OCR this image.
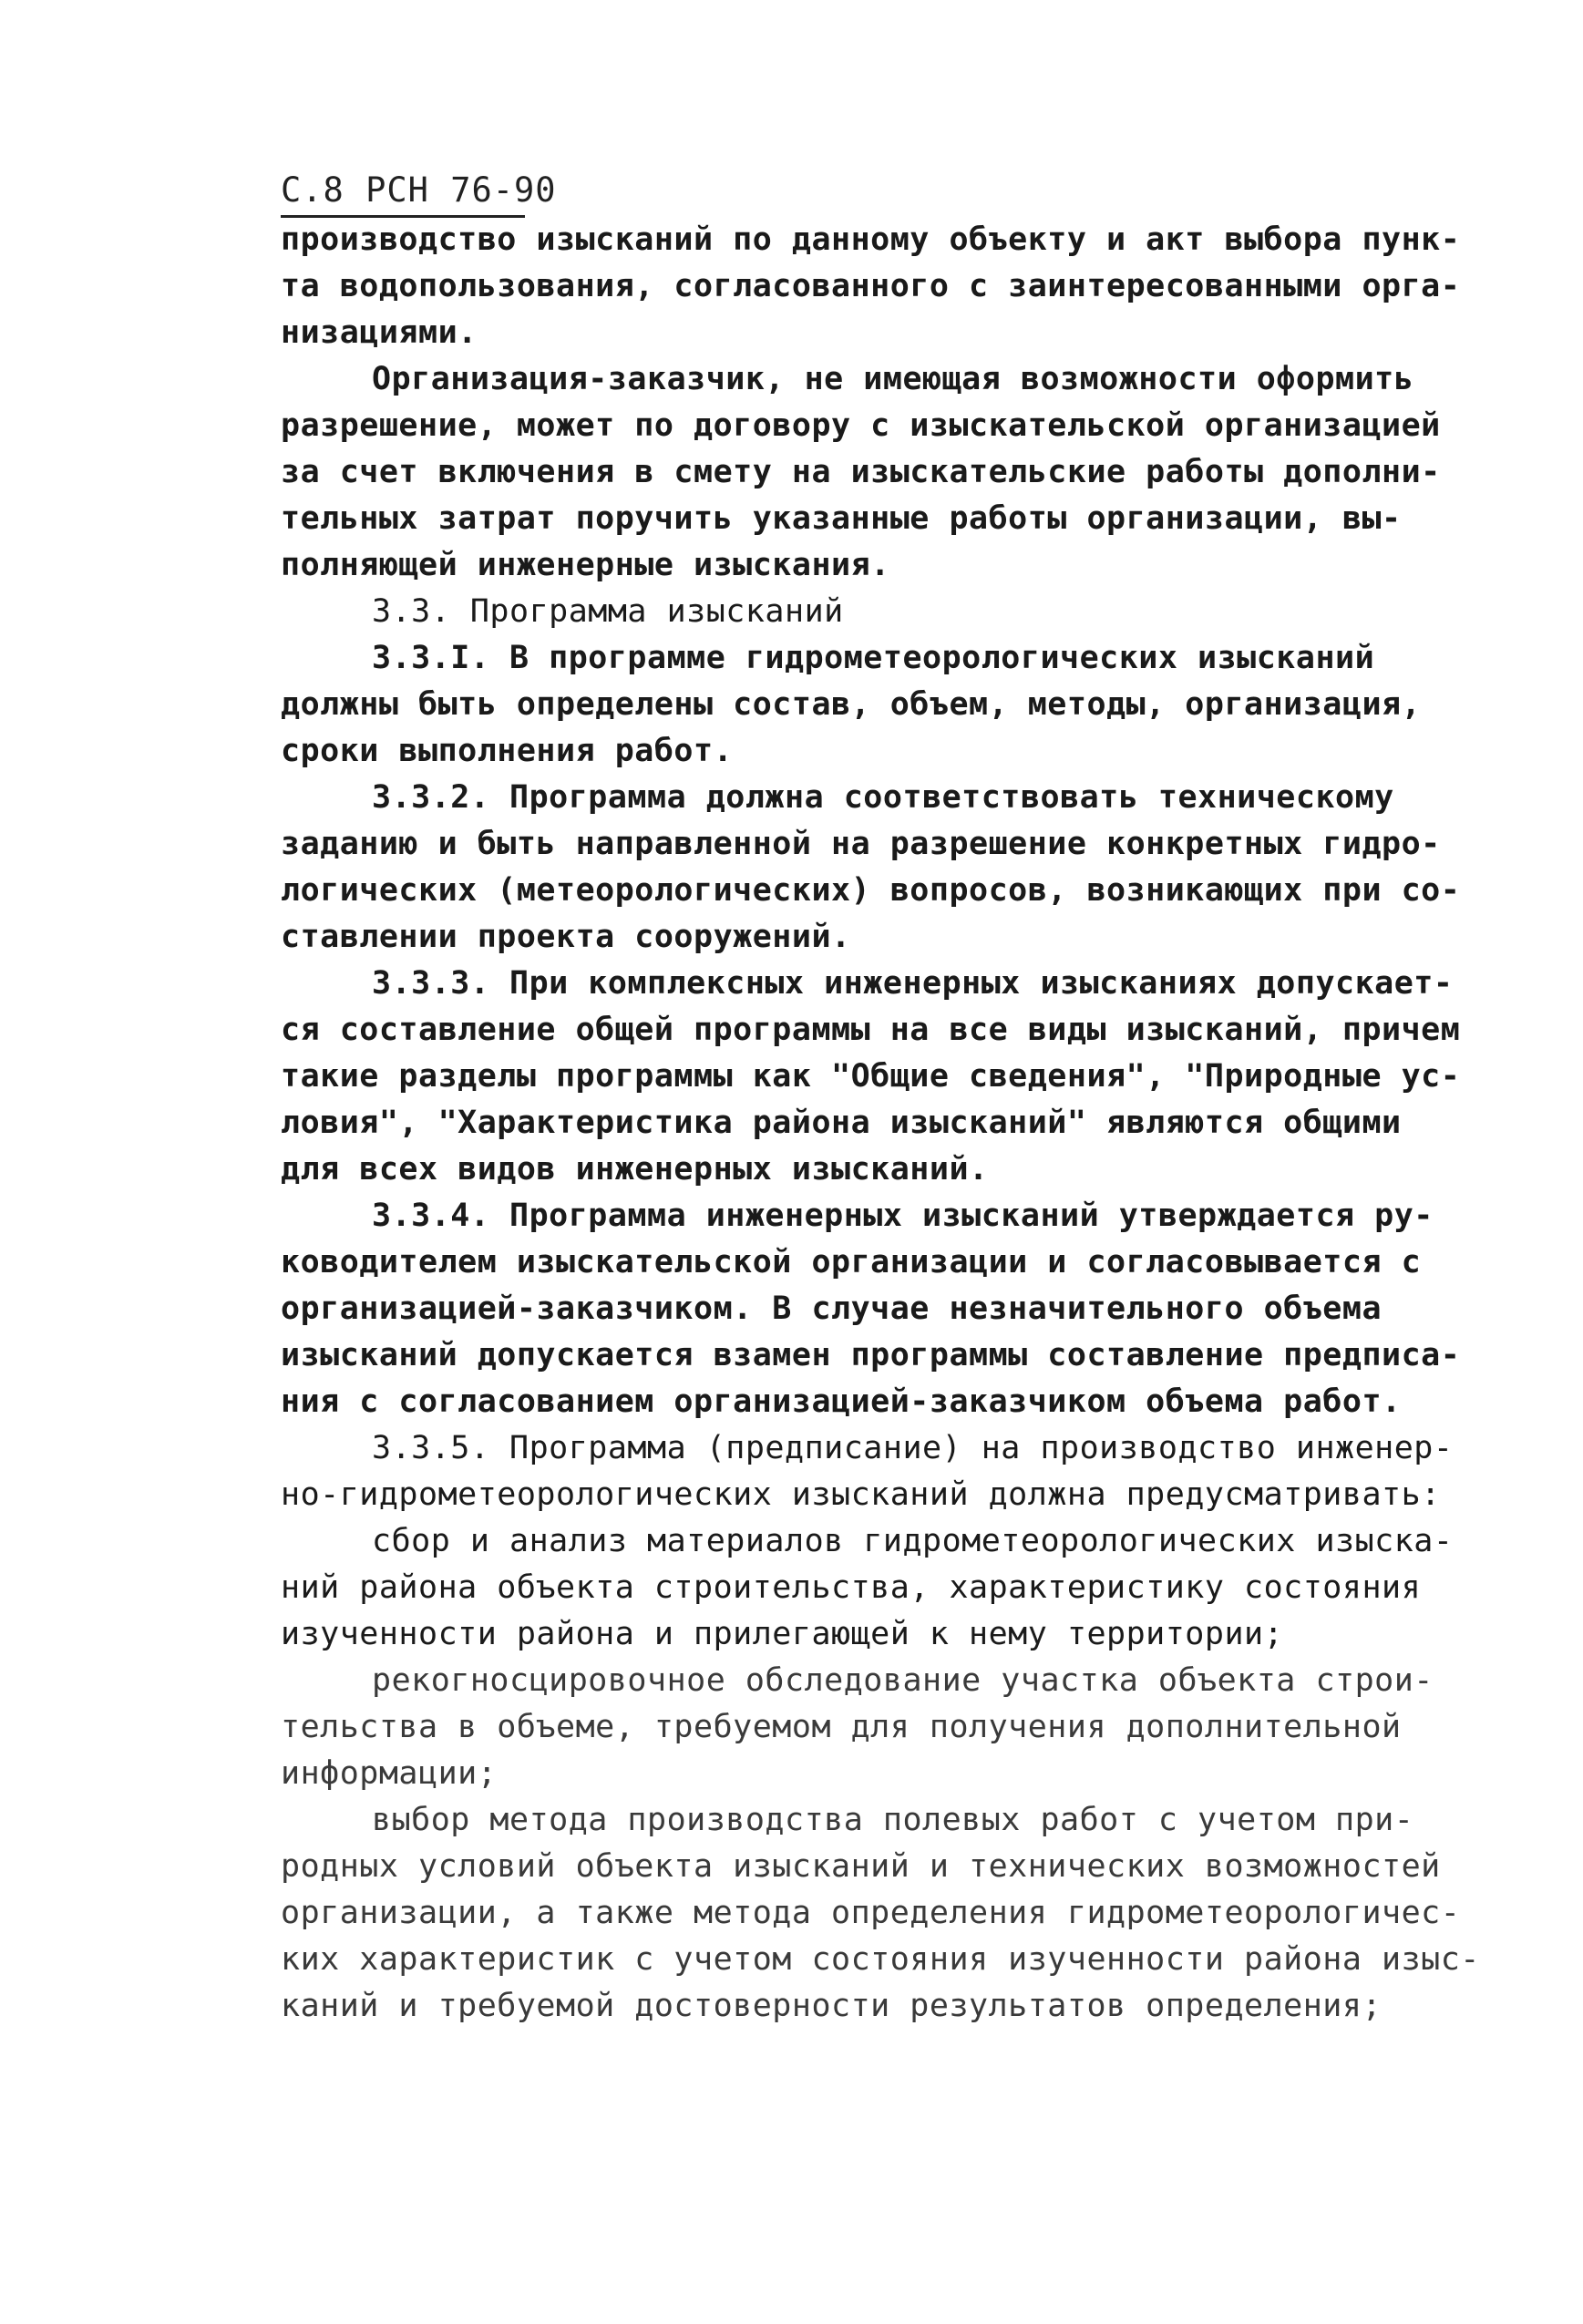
С.8 РСН 76-90
производство изысканий по данному объекту и акт выбора пунк-
та водопользования, согласованного с заинтересованными орга-
низациями.
Организация-заказчик, не имеющая возможности оформить
разрешение, может по договору с изыскательской организацией
за счет включения в смету на изыскательские работы дополни-
тельных затрат поручить указанные работы организации, вы-
полняющей инженерные изыскания.
3.3. Программа изысканий
3.3.I. В программе гидрометеорологических изысканий
должны быть определены состав, объем, методы, организация,
сроки выполнения работ.
3.3.2. Программа должна соответствовать техническому
заданию и быть направленной на разрешение конкретных гидро-
логических (метеорологических) вопросов, возникающих при со-
ставлении проекта сооружений.
3.3.3. При комплексных инженерных изысканиях допускает-
ся составление общей программы на все виды изысканий, причем
такие разделы программы как "Общие сведения", "Природные ус-
ловия", "Характеристика района изысканий" являются общими
для всех видов инженерных изысканий.
3.3.4. Программа инженерных изысканий утверждается ру-
ководителем изыскательской организации и согласовывается с
организацией-заказчиком. В случае незначительного объема
изысканий допускается взамен программы составление предписа-
ния с согласованием организацией-заказчиком объема работ.
3.3.5. Программа (предписание) на производство инженер-
но-гидрометеорологических изысканий должна предусматривать:
сбор и анализ материалов гидрометеорологических изыска-
ний района объекта строительства, характеристику состояния
изученности района и прилегающей к нему территории;
рекогносцировочное обследование участка объекта строи-
тельства в объеме, требуемом для получения дополнительной
информации;
выбор метода производства полевых работ с учетом при-
родных условий объекта изысканий и технических возможностей
организации, а также метода определения гидрометеорологичес-
ких характеристик с учетом состояния изученности района изыс-
каний и требуемой достоверности результатов определения;
